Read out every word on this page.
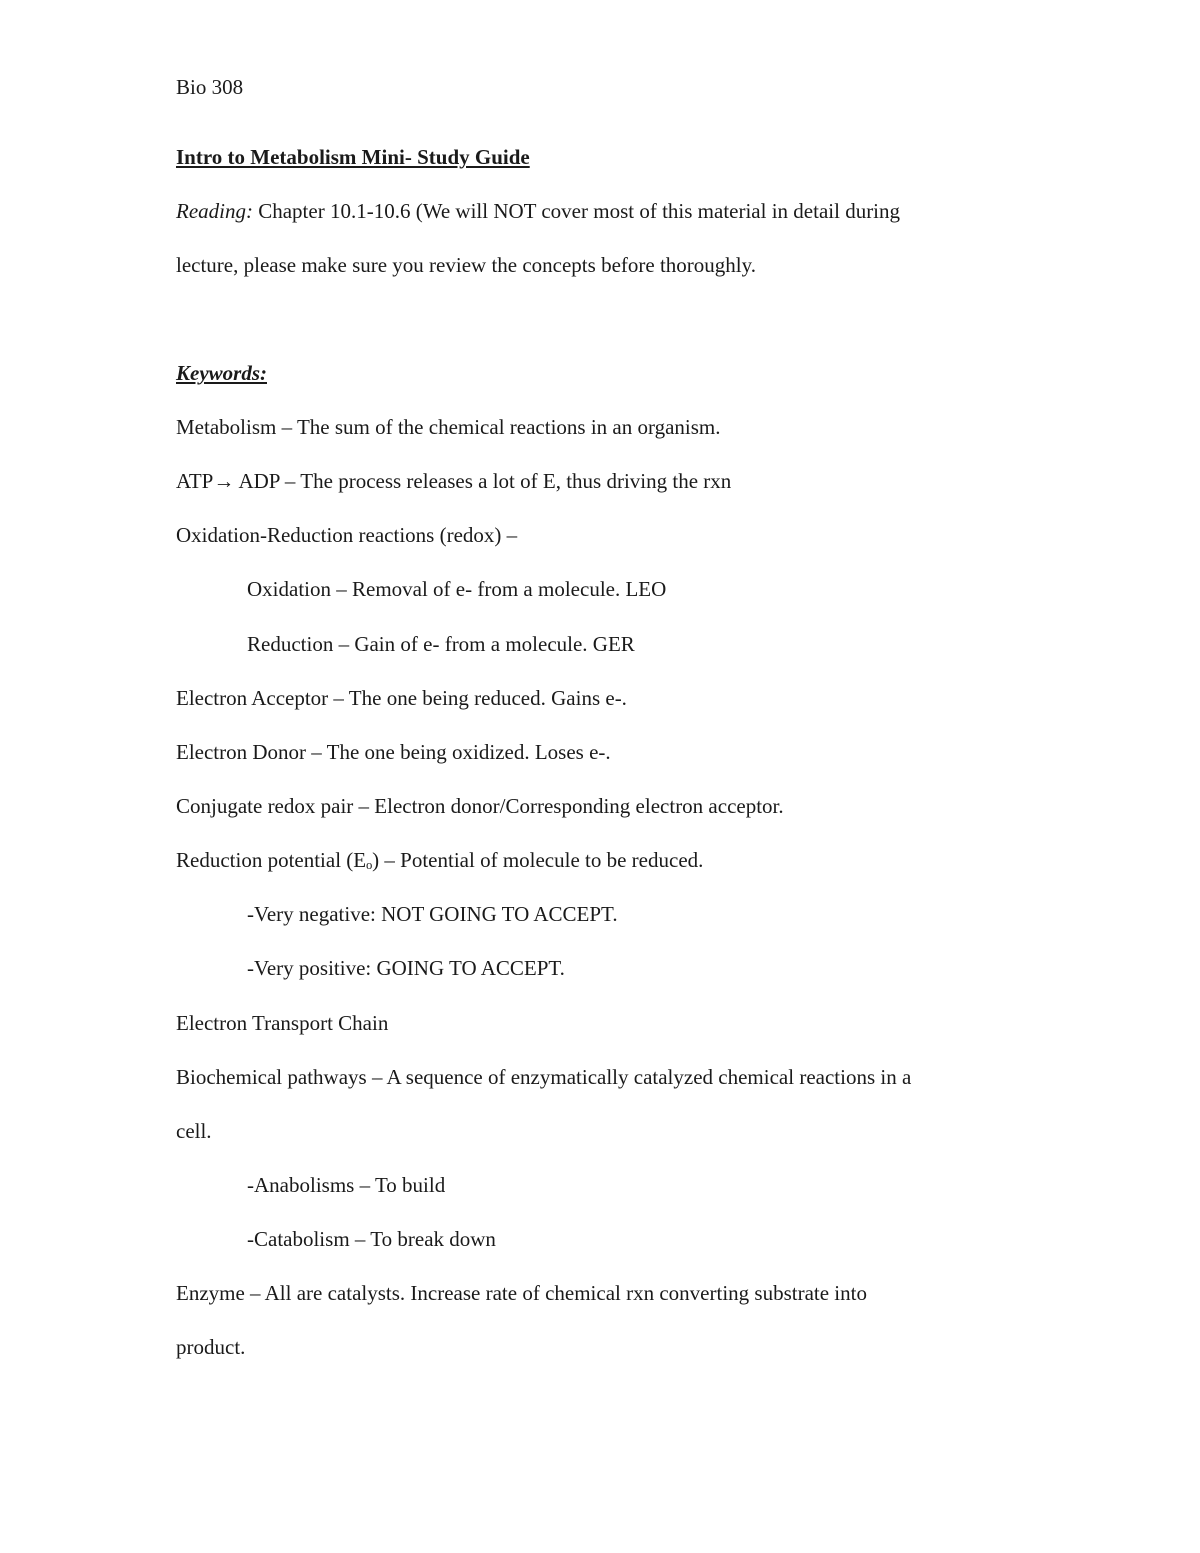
Bio 308
Intro to Metabolism Mini- Study Guide
Reading: Chapter 10.1-10.6 (We will NOT cover most of this material in detail during
lecture, please make sure you review the concepts before thoroughly.
Keywords:
Metabolism – The sum of the chemical reactions in an organism.
ATP→ ADP – The process releases a lot of E, thus driving the rxn
Oxidation-Reduction reactions (redox) –
Oxidation – Removal of e- from a molecule. LEO
Reduction – Gain of e- from a molecule. GER
Electron Acceptor – The one being reduced. Gains e-.
Electron Donor – The one being oxidized. Loses e-.
Conjugate redox pair – Electron donor/Corresponding electron acceptor.
Reduction potential (Eₒ) – Potential of molecule to be reduced.
-Very negative: NOT GOING TO ACCEPT.
-Very positive: GOING TO ACCEPT.
Electron Transport Chain
Biochemical pathways – A sequence of enzymatically catalyzed chemical reactions in a
cell.
-Anabolisms – To build
-Catabolism – To break down
Enzyme – All are catalysts. Increase rate of chemical rxn converting substrate into
product.
